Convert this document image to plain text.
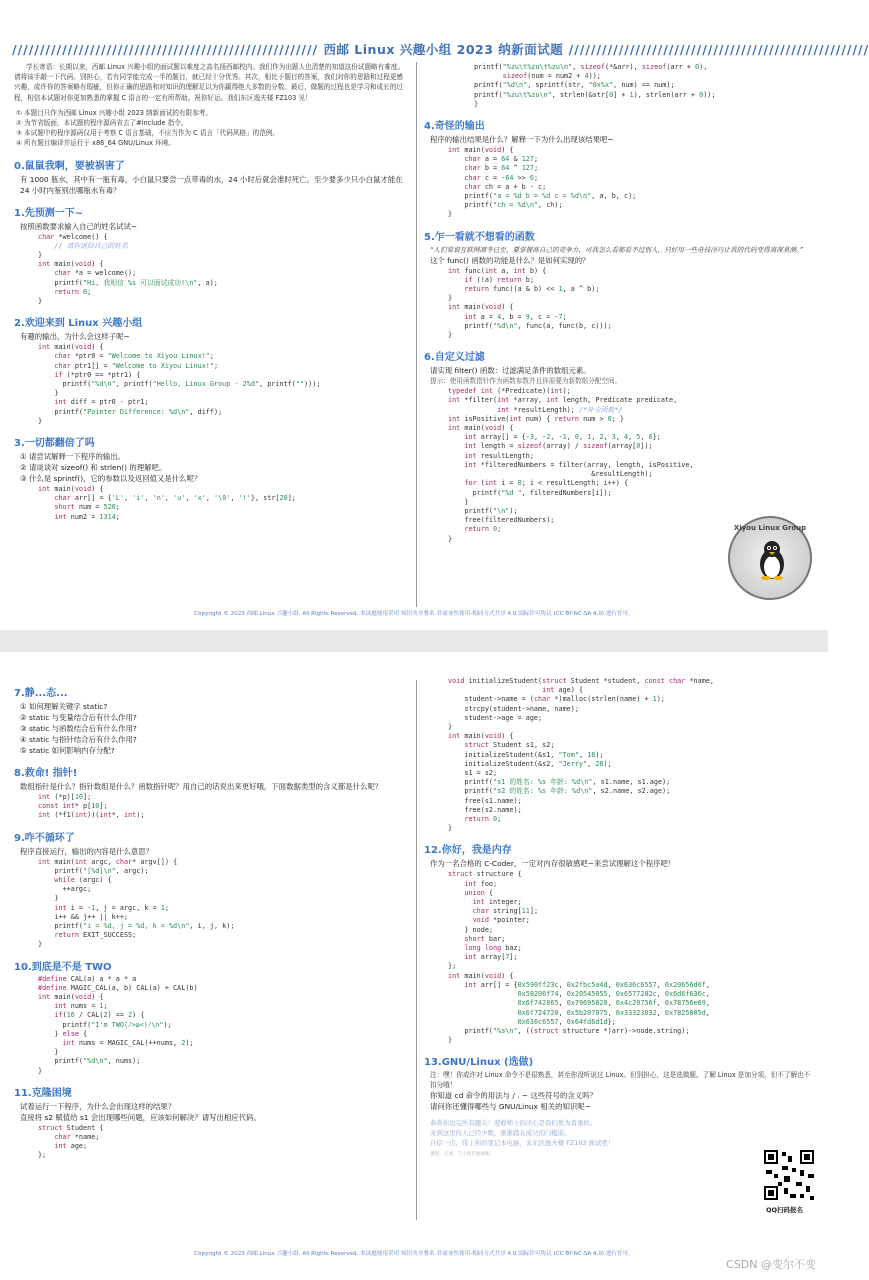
/////////////////////////////////////////////////////// 西邮 Linux 兴趣小组 2023 纳新面试题 //////////////////////////////////////////////////////

学长寄语：长期以来，西邮 Linux 兴趣小组的面试题以难度之高名扬西邮校内。我们作为出题人也清楚的知道这份试题略有难度。请将该手敲一下代码。别担心，若有同学能完成一半的题目，就已经十分优秀。其次，相比于题目的答案，我们对你的思路和过程更感兴趣，或许你的答案略有瑕疵，但你正确的思路和对知识的理解足以为你赢得绝大多数的分数。最后，做题的过程也是学习和成长的过程，相信本试题对你更加熟悉的掌握 C 语言的一定有所帮助。祝你好运。我们东区逸夫楼 FZ103 见！

① 本题目只作为西邮 Linux 兴趣小组 2023 纳新面试的有限参考。
② 为节省版面，本试题的程序源码省去了#include 指令。
③ 本试题中的程序源码仅用于考察 C 语言基础，不应当作为 C 语言「代码风格」的范例。
④ 所有题目编译并运行于 x86_64 GNU/Linux 环境。
0.鼠鼠我啊，要被祸害了

有 1000 瓶水，其中有一瓶有毒，小白鼠只要尝一点带毒的水，24 小时后就会准时死亡。至少要多少只小白鼠才能在 24 小时内鉴别出哪瓶水有毒？

1.先预测一下~

按照函数要求输入自己的姓名试试~

char *welcome() {
// 请你返回自己的姓名
}
int main(void) {
char *a = welcome();
printf("Hi, 我相信 %s 可以面试成功!\n", a);
return 0;
}
2.欢迎来到 Linux 兴趣小组

有趣的输出，为什么会这样子呢~

int main(void) {
char *ptr0 = "Welcome to Xiyou Linux!";
char ptr1[] = "Welcome to Xiyou Linux!";
if (*ptr0 == *ptr1) {
printf("%d\n", printf("Hello, Linux Group - 2%d", printf("")));
}
int diff = ptr0 - ptr1;
printf("Pointer Difference: %d\n", diff);
}
3.一切都翻倍了吗
① 请尝试解释一下程序的输出。
② 请谈谈对 sizeof() 和 strlen() 的理解吧。
③ 什么是 sprintf()，它的参数以及返回值又是什么呢？
int main(void) {
char arr[] = {'L', 'i', 'n', 'u', 'x', '\0', '!'}, str[20];
short num = 520;
int num2 = 1314;
printf("%zu\t%zu\t%zu\n", sizeof(*&arr), sizeof(arr + 0),
sizeof(num = num2 + 4));
printf("%d\n", sprintf(str, "0x%x", num) == num);
printf("%zu\t%zu\n", strlen(&str[0] + 1), strlen(arr + 0));
}
4.奇怪的输出

程序的输出结果是什么？解释一下为什么出现该结果吧~

int main(void) {
char a = 64 & 127;
char b = 64 ^ 127;
char c = -64 >> 6;
char ch = a + b - c;
printf("a = %d b = %d c = %d\n", a, b, c);
printf("ch = %d\n", ch);
}
5.乍一看就不想看的函数

“人们常说互联网凛冬已至，要掌握高自己的竞争力，可我怎么看都看不过别人，只好用一些奇技淫巧让我的代码变得高深莫测。”

这个 func() 函数的功能是什么？是如何实现的？

int func(int a, int b) {
if (!a) return b;
return func((a & b) << 1, a ^ b);
}
int main(void) {
int a = 4, b = 9, c = -7;
printf("%d\n", func(a, func(b, c)));
}
6.自定义过滤

请实现 filter() 函数：过滤满足条件的数组元素。

提示：使用函数指针作为函数参数并且你需要为新数组分配空间。

typedef int (*Predicate)(int);
int *filter(int *array, int length, Predicate predicate,
int *resultLength); /*补全函数*/
int isPositive(int num) { return num > 0; }
int main(void) {
int array[] = {-3, -2, -1, 0, 1, 2, 3, 4, 5, 6};
int length = sizeof(array) / sizeof(array[0]);
int resultLength;
int *filteredNumbers = filter(array, length, isPositive,
&resultLength);
for (int i = 0; i < resultLength; i++) {
printf("%d ", filteredNumbers[i]);
}
printf("\n");
free(filteredNumbers);
return 0;
}
Xiyou Linux Group
Copyright © 2023 西邮 Linux 兴趣小组, All Rights Reserved. 本试题使用采用 知识共享署名-非商业性使用-相同方式共享 4.0 国际许可协议 (CC BY-NC-SA 4.0) 进行许可。
7.静...态...
① 如何理解关键字 static?
② static 与变量结合后有什么作用?
③ static 与函数结合后有什么作用?
④ static 与指针结合后有什么作用?
⑤ static 如何影响内存分配?
8.救命! 指针!

数组指针是什么？指针数组是什么？函数指针呢？用自己的话说出来更好哦，下面数据类型的含义都是什么呢？

int (*p)[10];
const int* p[10];
int (*f1(int))(int*, int);
9.咋不循环了

程序直接运行，输出的内容是什么意思？

int main(int argc, char* argv[]) {
printf("[%d]\n", argc);
while (argc) {
++argc;
}
int i = -1, j = argc, k = 1;
i++ && j++ || k++;
printf("i = %d, j = %d, k = %d\n", i, j, k);
return EXIT_SUCCESS;
}
10.到底是不是 TWO
#define CAL(a) a * a * a
#define MAGIC_CAL(a, b) CAL(a) + CAL(b)
int main(void) {
int nums = 1;
if(16 / CAL(2) == 2) {
printf("I'm TWO(ﾉ>ω<)ﾉ\n");
} else {
int nums = MAGIC_CAL(++nums, 2);
}
printf("%d\n", nums);
}
11.克隆困境

试着运行一下程序，为什么会出现这样的结果？

直接将 s2 赋值给 s1 会出现哪些问题，应该如何解决？请写出相应代码。

struct Student {
char *name;
int age;
};
void initializeStudent(struct Student *student, const char *name,
int age) {
student->name = (char *)malloc(strlen(name) + 1);
strcpy(student->name, name);
student->age = age;
}
int main(void) {
struct Student s1, s2;
initializeStudent(&s1, "Tom", 18);
initializeStudent(&s2, "Jerry", 28);
s1 = s2;
printf("s1 的姓名: %s 年龄: %d\n", s1.name, s1.age);
printf("s2 的姓名: %s 年龄: %d\n", s2.name, s2.age);
free(s1.name);
free(s2.name);
return 0;
}
12.你好，我是内存

作为一名合格的 C-Coder，一定对内存很敏感吧~来尝试理解这个程序吧！

struct structure {
int foo;
union {
int integer;
char string[11];
void *pointer;
} node;
short bar;
long long baz;
int array[7];
};
int main(void) {
int arr[] = {0x590ff23c, 0x2fbc5a4d, 0x636c6557, 0x20656d6f,
0x58206f74, 0x20545055, 0x6577282c, 0x6d6f636c,
0x6f742865, 0x79695820, 0x4c20756f, 0x78756e69,
0x6f724720, 0x5b207075, 0x33323032, 0x7825005d,
0x636c6557, 0x64fd6d1d};
printf("%s\n", ((struct structure *)arr)->node.string);
}
13.GNU/Linux (选做)

注：嘿！你或许对 Linux 命令不是很熟悉，甚至你没听说过 Linux。但别担心，这是选做题。了解 Linux 是加分项，但不了解也不扣分哦！

你知道 cd 命令的用法与 / . ~ 这些符号的含义吗？

请问你还懂得哪些与 GNU/Linux 相关的知识呢~

恭喜你也完所有题关！迎救师上的决心是我们更为看重的。
来到这里的人已经少数，渐渐踏在成功的门槛前。
自信一点，带上你的笔记本电脑，来东区逸夫楼 FZ103 面试吧！
课程，完成，与小组们加油呢。
QQ扫码报名
Copyright © 2023 西邮 Linux 兴趣小组, All Rights Reserved. 本试题使用采用 知识共享署名-非商业性使用-相同方式共享 4.0 国际许可协议 (CC BY-NC-SA 4.0) 进行许可。
CSDN @变尔不变
